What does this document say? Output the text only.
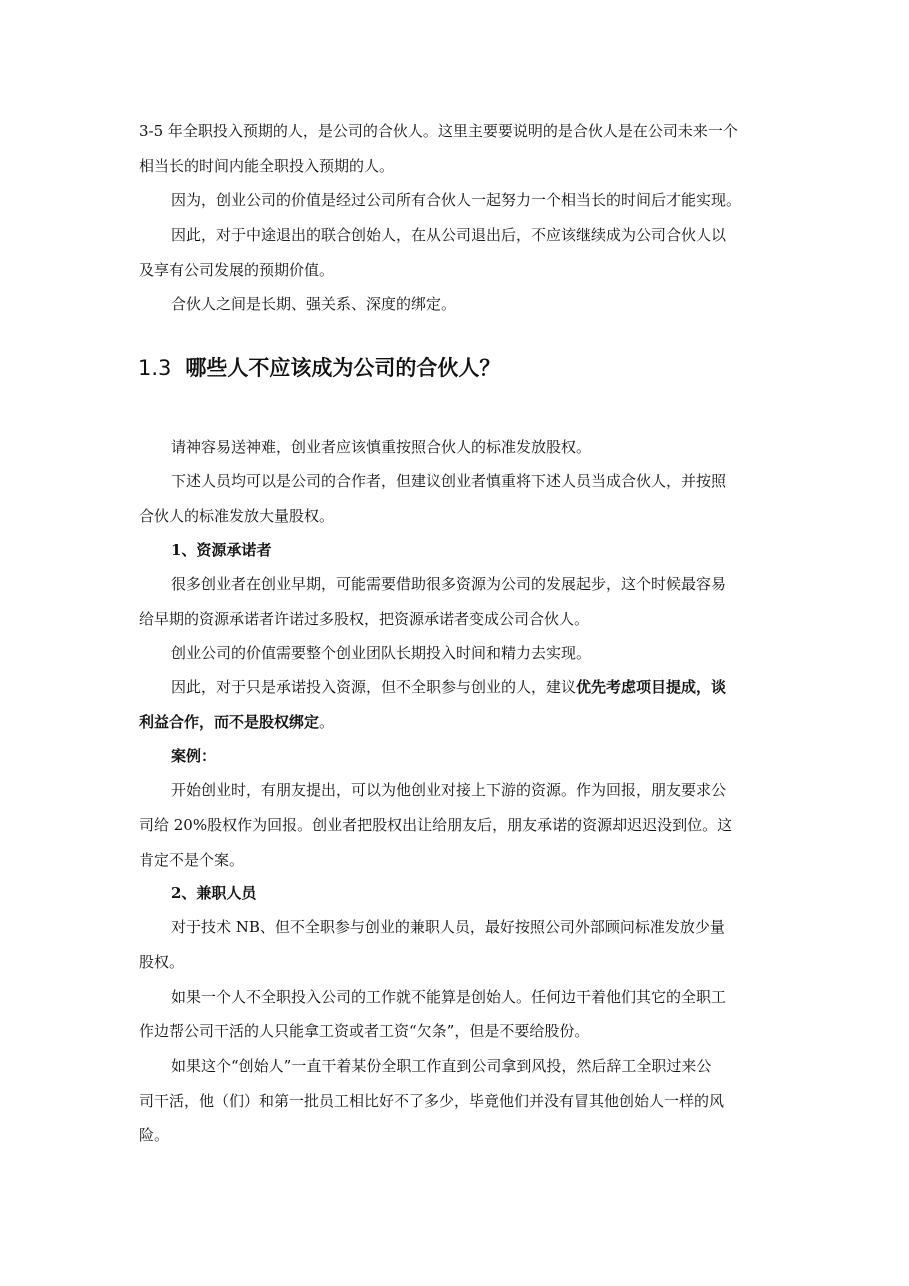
3-5 年全职投入预期的人，是公司的合伙人。这里主要要说明的是合伙人是在公司未来一个

相当长的时间内能全职投入预期的人。

因为，创业公司的价值是经过公司所有合伙人一起努力一个相当长的时间后才能实现。

因此，对于中途退出的联合创始人，在从公司退出后，不应该继续成为公司合伙人以

及享有公司发展的预期价值。

合伙人之间是长期、强关系、深度的绑定。

1.3 哪些人不应该成为公司的合伙人？

请神容易送神难，创业者应该慎重按照合伙人的标准发放股权。

下述人员均可以是公司的合作者，但建议创业者慎重将下述人员当成合伙人，并按照

合伙人的标准发放大量股权。

1、资源承诺者

很多创业者在创业早期，可能需要借助很多资源为公司的发展起步，这个时候最容易

给早期的资源承诺者许诺过多股权，把资源承诺者变成公司合伙人。

创业公司的价值需要整个创业团队长期投入时间和精力去实现。

因此，对于只是承诺投入资源，但不全职参与创业的人，建议优先考虑项目提成，谈

利益合作，而不是股权绑定。

案例：

开始创业时，有朋友提出，可以为他创业对接上下游的资源。作为回报，朋友要求公

司给 20%股权作为回报。创业者把股权出让给朋友后，朋友承诺的资源却迟迟没到位。这

肯定不是个案。

2、兼职人员

对于技术 NB、但不全职参与创业的兼职人员，最好按照公司外部顾问标准发放少量

股权。

如果一个人不全职投入公司的工作就不能算是创始人。任何边干着他们其它的全职工

作边帮公司干活的人只能拿工资或者工资“欠条”，但是不要给股份。

如果这个“创始人”一直干着某份全职工作直到公司拿到风投，然后辞工全职过来公

司干活，他（们）和第一批员工相比好不了多少，毕竟他们并没有冒其他创始人一样的风

险。
